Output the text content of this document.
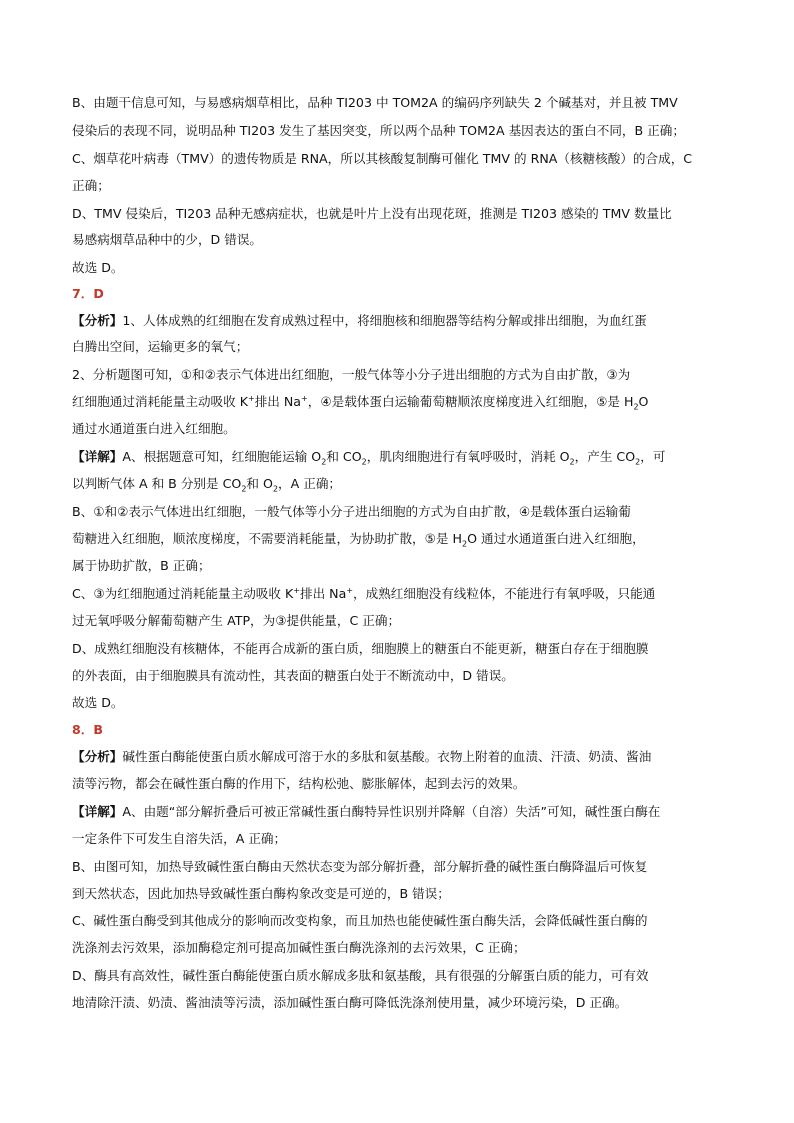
B、由题干信息可知，与易感病烟草相比，品种 TI203 中 TOM2A 的编码序列缺失 2 个碱基对，并且被 TMV
侵染后的表现不同，说明品种 TI203 发生了基因突变，所以两个品种 TOM2A 基因表达的蛋白不同，B 正确；
C、烟草花叶病毒（TMV）的遗传物质是 RNA，所以其核酸复制酶可催化 TMV 的 RNA（核糖核酸）的合成，C
正确；
D、TMV 侵染后，TI203 品种无感病症状，也就是叶片上没有出现花斑，推测是 TI203 感染的 TMV 数量比
易感病烟草品种中的少，D 错误。
故选 D。
7．D
【分析】1、人体成熟的红细胞在发育成熟过程中，将细胞核和细胞器等结构分解或排出细胞，为血红蛋
白腾出空间，运输更多的氧气；
2、分析题图可知，①和②表示气体进出红细胞，一般气体等小分子进出细胞的方式为自由扩散，③为
红细胞通过消耗能量主动吸收 K+排出 Na+，④是载体蛋白运输葡萄糖顺浓度梯度进入红细胞，⑤是 $H_2O$
通过水通道蛋白进入红细胞。
【详解】A、根据题意可知，红细胞能运输 $O_2$和 $CO_2$，肌肉细胞进行有氧呼吸时，消耗 $O_2$，产生 $CO_2$，可
以判断气体 A 和 B 分别是 $CO_2$和 $O_2$，A 正确；
B、①和②表示气体进出红细胞，一般气体等小分子进出细胞的方式为自由扩散，④是载体蛋白运输葡
萄糖进入红细胞，顺浓度梯度，不需要消耗能量，为协助扩散，⑤是 $H_2O$ 通过水通道蛋白进入红细胞，
属于协助扩散，B 正确；
C、③为红细胞通过消耗能量主动吸收 K+排出 Na+，成熟红细胞没有线粒体，不能进行有氧呼吸，只能通
过无氧呼吸分解葡萄糖产生 ATP，为③提供能量，C 正确；
D、成熟红细胞没有核糖体，不能再合成新的蛋白质，细胞膜上的糖蛋白不能更新，糖蛋白存在于细胞膜
的外表面，由于细胞膜具有流动性，其表面的糖蛋白处于不断流动中，D 错误。
故选 D。
8．B
【分析】碱性蛋白酶能使蛋白质水解成可溶于水的多肽和氨基酸。衣物上附着的血渍、汗渍、奶渍、酱油
渍等污物，都会在碱性蛋白酶的作用下，结构松弛、膨胀解体，起到去污的效果。
【详解】A、由题“部分解折叠后可被正常碱性蛋白酶特异性识别并降解（自溶）失活”可知，碱性蛋白酶在
一定条件下可发生自溶失活，A 正确；
B、由图可知，加热导致碱性蛋白酶由天然状态变为部分解折叠，部分解折叠的碱性蛋白酶降温后可恢复
到天然状态，因此加热导致碱性蛋白酶构象改变是可逆的，B 错误；
C、碱性蛋白酶受到其他成分的影响而改变构象，而且加热也能使碱性蛋白酶失活，会降低碱性蛋白酶的
洗涤剂去污效果，添加酶稳定剂可提高加碱性蛋白酶洗涤剂的去污效果，C 正确；
D、酶具有高效性，碱性蛋白酶能使蛋白质水解成多肽和氨基酸，具有很强的分解蛋白质的能力，可有效
地清除汗渍、奶渍、酱油渍等污渍，添加碱性蛋白酶可降低洗涤剂使用量，减少环境污染，D 正确。
